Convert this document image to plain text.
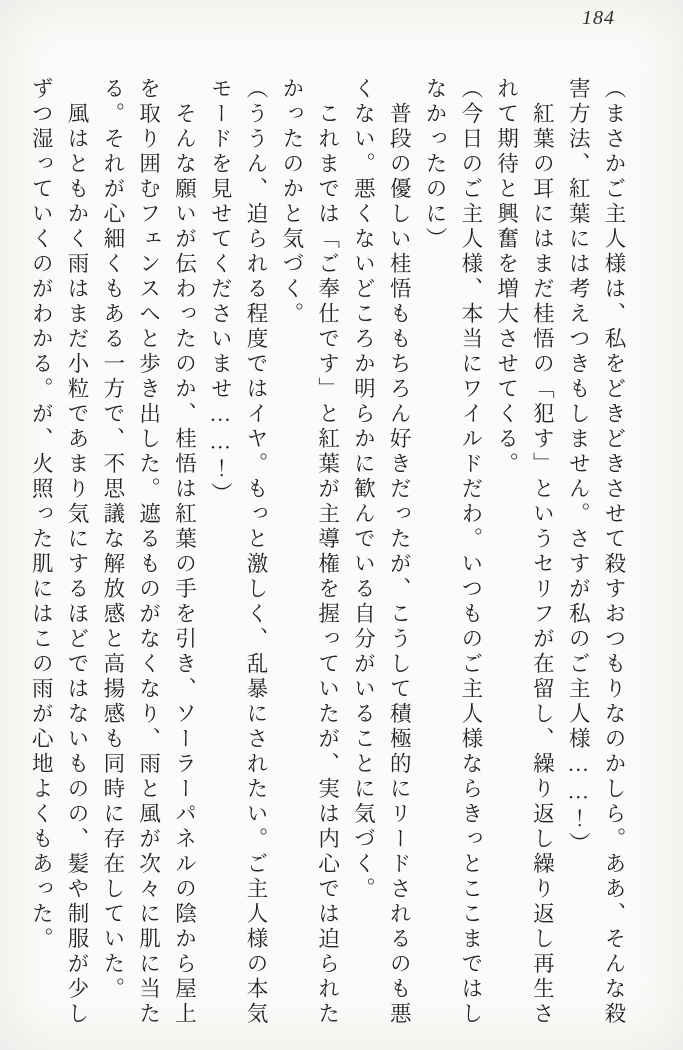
184

（まさかご主人様は、私をどきどきさせて殺すおつもりなのかしら。ああ、そんな殺害方法、紅葉には考えつきもしません。さすが私のご主人様……！）

紅葉の耳にはまだ桂悟の「犯す」というセリフが在留し、繰り返し繰り返し再生されて期待と興奮を増大させてくる。

（今日のご主人様、本当にワイルドだわ。いつものご主人様ならきっとここまではしなかったのに）

普段の優しい桂悟ももちろん好きだったが、こうして積極的にリードされるのも悪くない。悪くないどころか明らかに歓んでいる自分がいることに気づく。

これまでは「ご奉仕です」と紅葉が主導権を握っていたが、実は内心では迫られたかったのかと気づく。

（ううん、迫られる程度ではイヤ。もっと激しく、乱暴にされたい。ご主人様の本気モードを見せてくださいませ……！）

そんな願いが伝わったのか、桂悟は紅葉の手を引き、ソーラーパネルの陰から屋上を取り囲むフェンスへと歩き出した。遮るものがなくなり、雨と風が次々に肌に当たる。それが心細くもある一方で、不思議な解放感と高揚感も同時に存在していた。

風はともかく雨はまだ小粒であまり気にするほどではないものの、髪や制服が少しずつ湿っていくのがわかる。が、火照った肌にはこの雨が心地よくもあった。
